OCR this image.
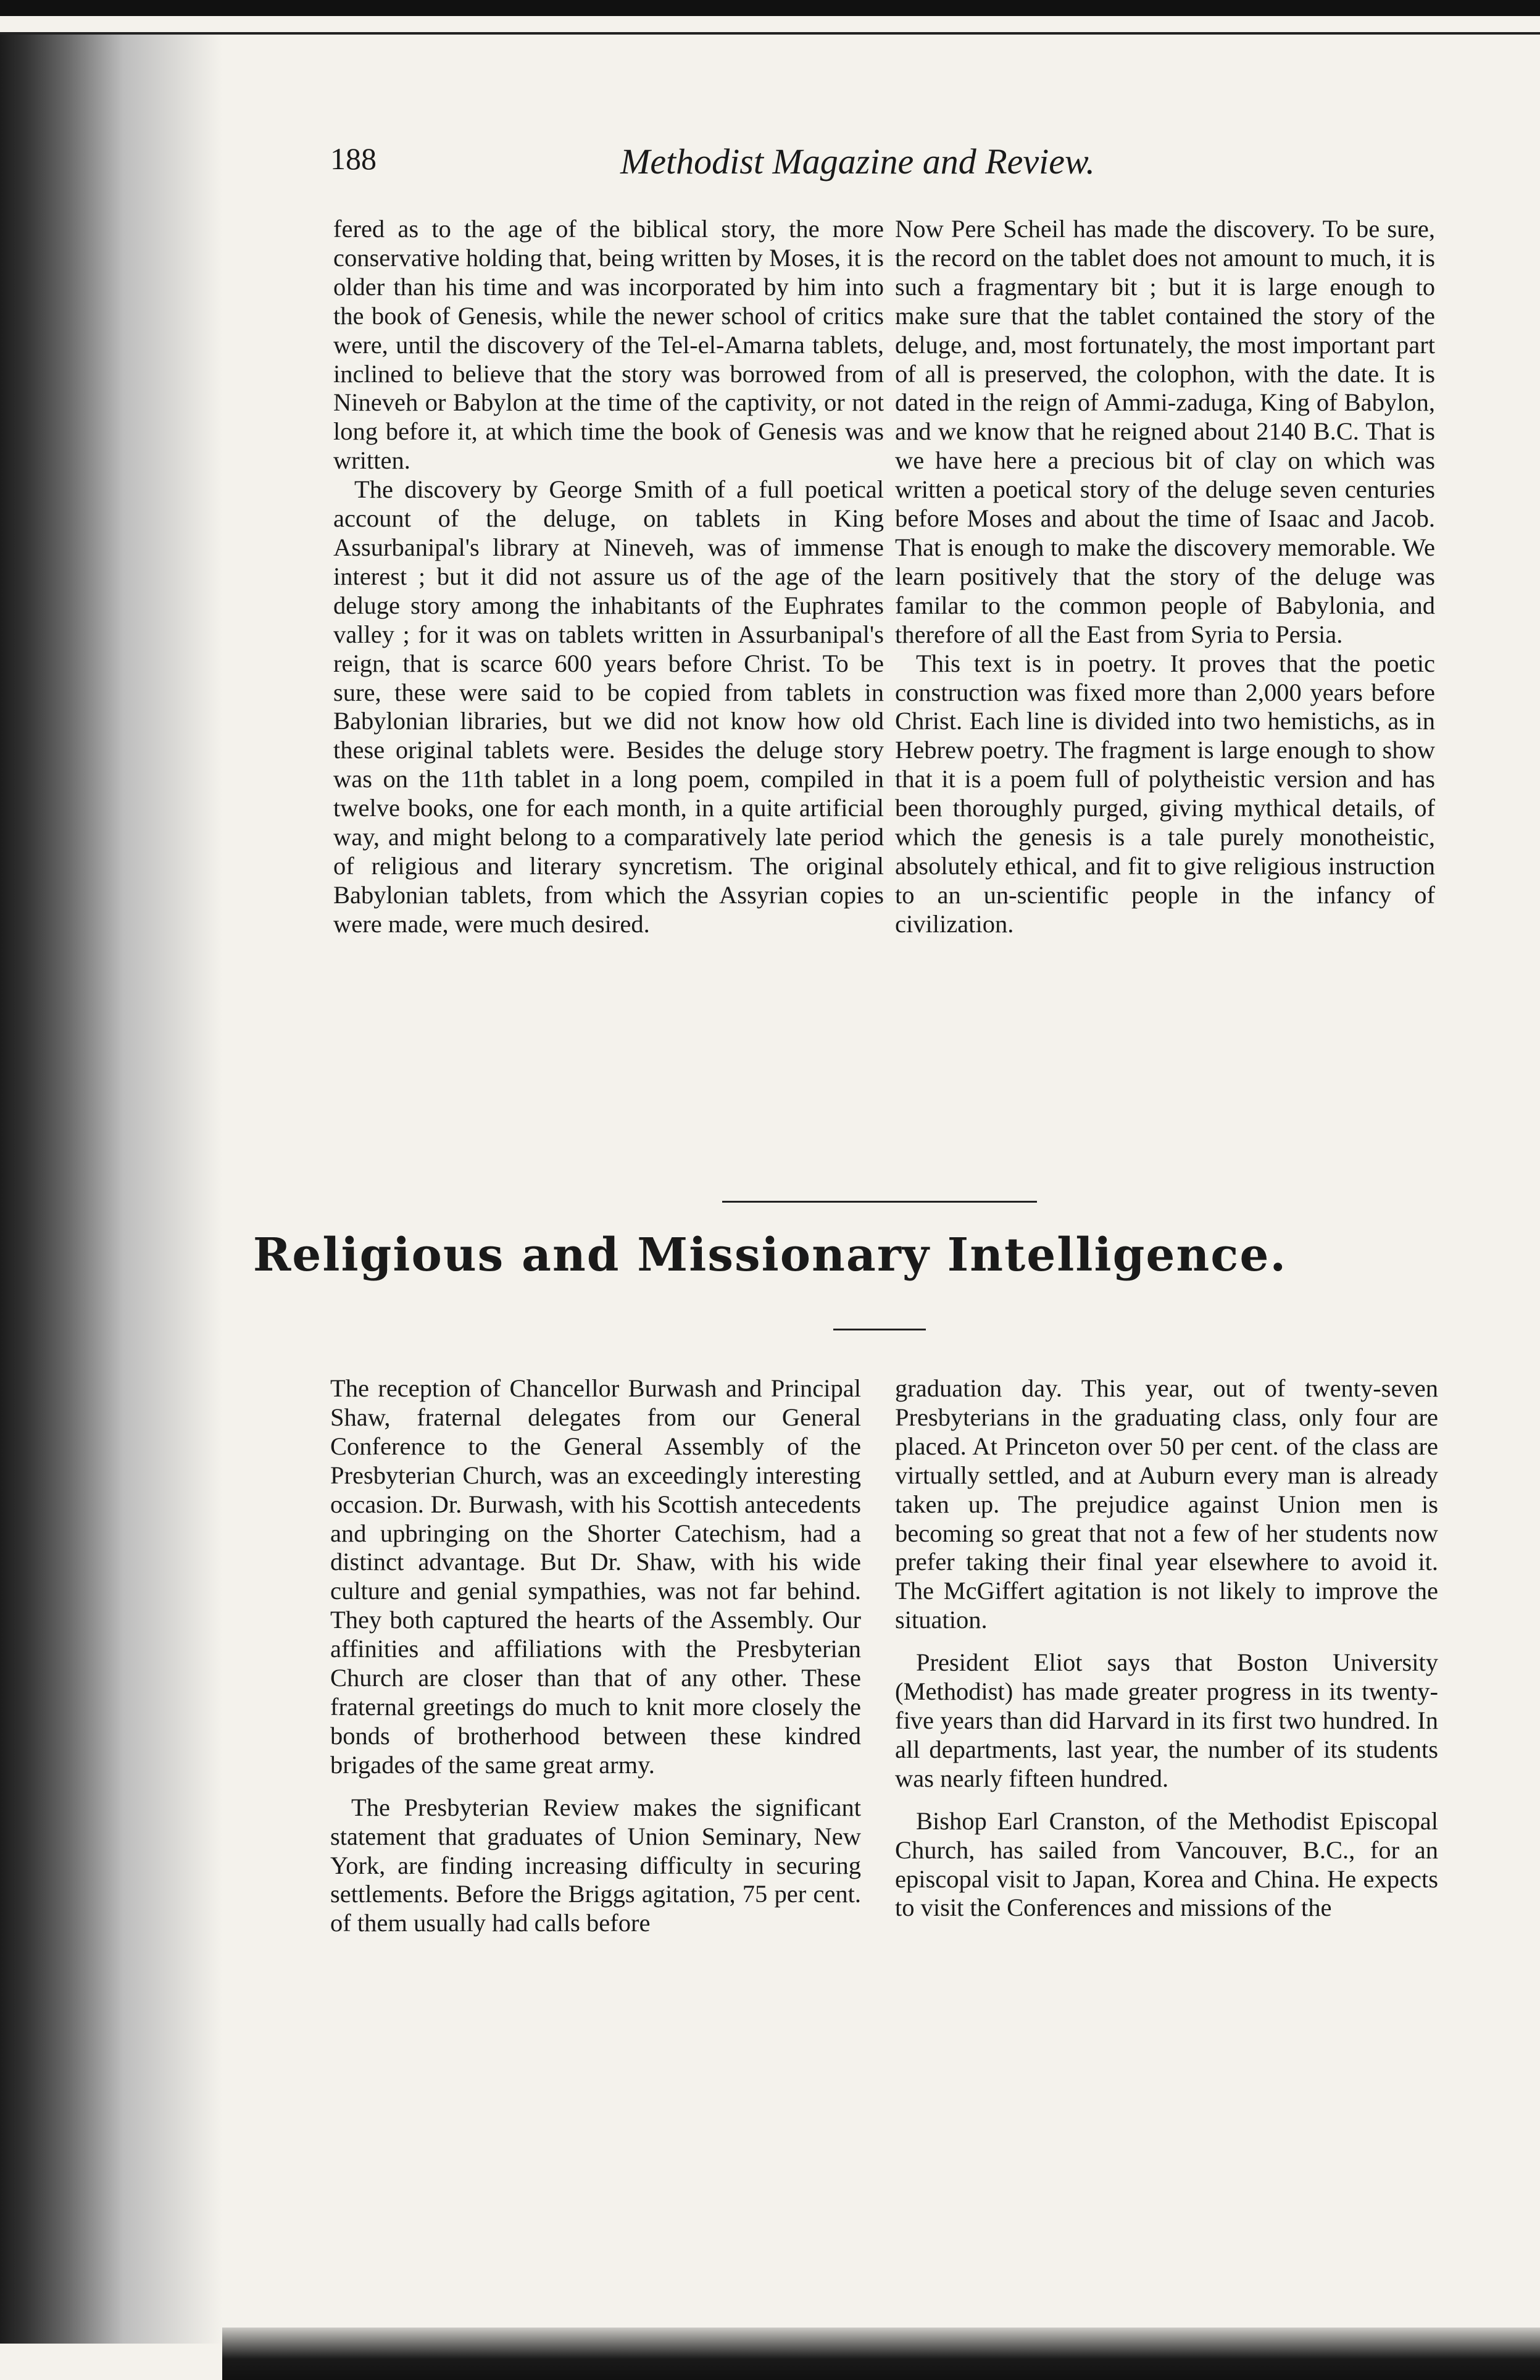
188	Methodist Magazine and Review.

fered as to the age of the biblical story, the more conservative holding that, being written by Moses, it is older than his time and was incorporated by him into the book of Genesis, while the newer school of critics were, until the discovery of the Tel-el-Amarna tablets, inclined to believe that the story was borrowed from Nineveh or Babylon at the time of the captivity, or not long before it, at which time the book of Genesis was written.

The discovery by George Smith of a full poetical account of the deluge, on tablets in King Assurbanipal's library at Nineveh, was of immense interest ; but it did not assure us of the age of the deluge story among the inhabitants of the Euphrates valley ; for it was on tablets written in Assurbanipal's reign, that is scarce 600 years before Christ. To be sure, these were said to be copied from tablets in Babylonian libraries, but we did not know how old these original tablets were. Besides the deluge story was on the 11th tablet in a long poem, compiled in twelve books, one for each month, in a quite artificial way, and might belong to a comparatively late period of religious and literary syncretism. The original Babylonian tablets, from which the Assyrian copies were made, were much desired.

Now Pere Scheil has made the discovery. To be sure, the record on the tablet does not amount to much, it is such a fragmentary bit ; but it is large enough to make sure that the tablet contained the story of the deluge, and, most fortunately, the most important part of all is preserved, the colophon, with the date. It is dated in the reign of Ammi-zaduga, King of Babylon, and we know that he reigned about 2140 B.C. That is we have here a precious bit of clay on which was written a poetical story of the deluge seven centuries before Moses and about the time of Isaac and Jacob. That is enough to make the discovery memorable. We learn positively that the story of the deluge was familar to the common people of Babylonia, and therefore of all the East from Syria to Persia.

This text is in poetry. It proves that the poetic construction was fixed more than 2,000 years before Christ. Each line is divided into two hemistichs, as in Hebrew poetry. The fragment is large enough to show that it is a poem full of polytheistic version and has been thoroughly purged, giving mythical details, of which the genesis is a tale purely monotheistic, absolutely ethical, and fit to give religious instruction to an un-scientific people in the infancy of civilization.

Religious and Missionary Intelligence.

The reception of Chancellor Burwash and Principal Shaw, fraternal delegates from our General Conference to the General Assembly of the Presbyterian Church, was an exceedingly interesting occasion. Dr. Burwash, with his Scottish antecedents and upbringing on the Shorter Catechism, had a distinct advantage. But Dr. Shaw, with his wide culture and genial sympathies, was not far behind. They both captured the hearts of the Assembly. Our affinities and affiliations with the Presbyterian Church are closer than that of any other. These fraternal greetings do much to knit more closely the bonds of brotherhood between these kindred brigades of the same great army.

The Presbyterian Review makes the significant statement that graduates of Union Seminary, New York, are finding increasing difficulty in securing settlements. Before the Briggs agitation, 75 per cent. of them usually had calls before

graduation day. This year, out of twenty-seven Presbyterians in the graduating class, only four are placed. At Princeton over 50 per cent. of the class are virtually settled, and at Auburn every man is already taken up. The prejudice against Union men is becoming so great that not a few of her students now prefer taking their final year elsewhere to avoid it. The McGiffert agitation is not likely to improve the situation.

President Eliot says that Boston University (Methodist) has made greater progress in its twenty-five years than did Harvard in its first two hundred. In all departments, last year, the number of its students was nearly fifteen hundred.

Bishop Earl Cranston, of the Methodist Episcopal Church, has sailed from Vancouver, B.C., for an episcopal visit to Japan, Korea and China. He expects to visit the Conferences and missions of the
